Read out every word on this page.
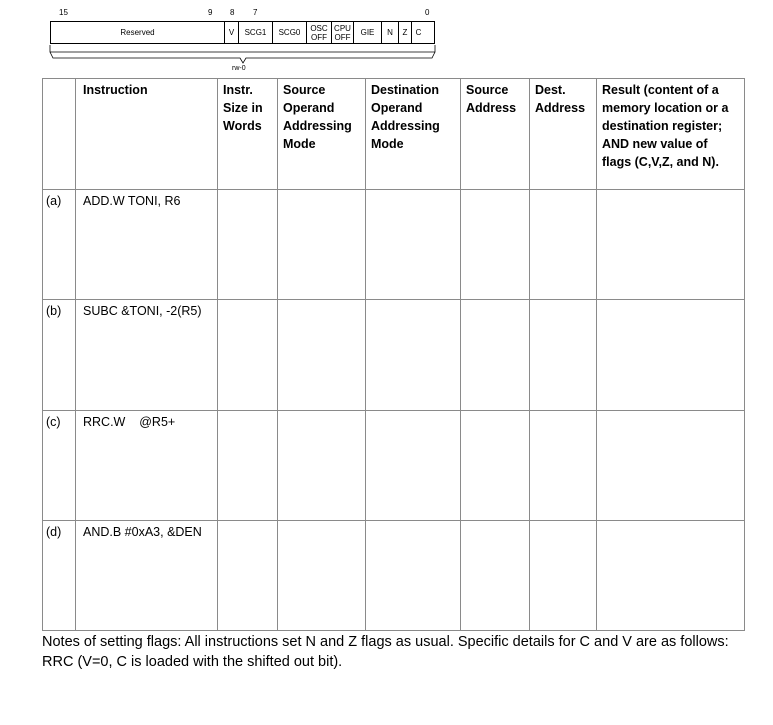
15	9 8 7	0
Reserved	V	SCG1	SCG0	OSC
OFF
CPU
OFF	GIE	N	Z	C
rw-0
	Instruction	Instr. Size in Words	Source Operand Addressing Mode	Destination Operand Addressing Mode	Source Address	Dest. Address	Result (content of a memory location or a destination register; AND new value of flags (C,V,Z, and N).
(a)	ADD.W TONI, R6						
(b)	SUBC &TONI, -2(R5)						
(c)	RRC.W    @R5+						
(d)	AND.B #0xA3, &DEN						
Notes of setting flags: All instructions set N and Z flags as usual. Specific details for C and V are as follows: RRC (V=0, C is loaded with the shifted out bit).
